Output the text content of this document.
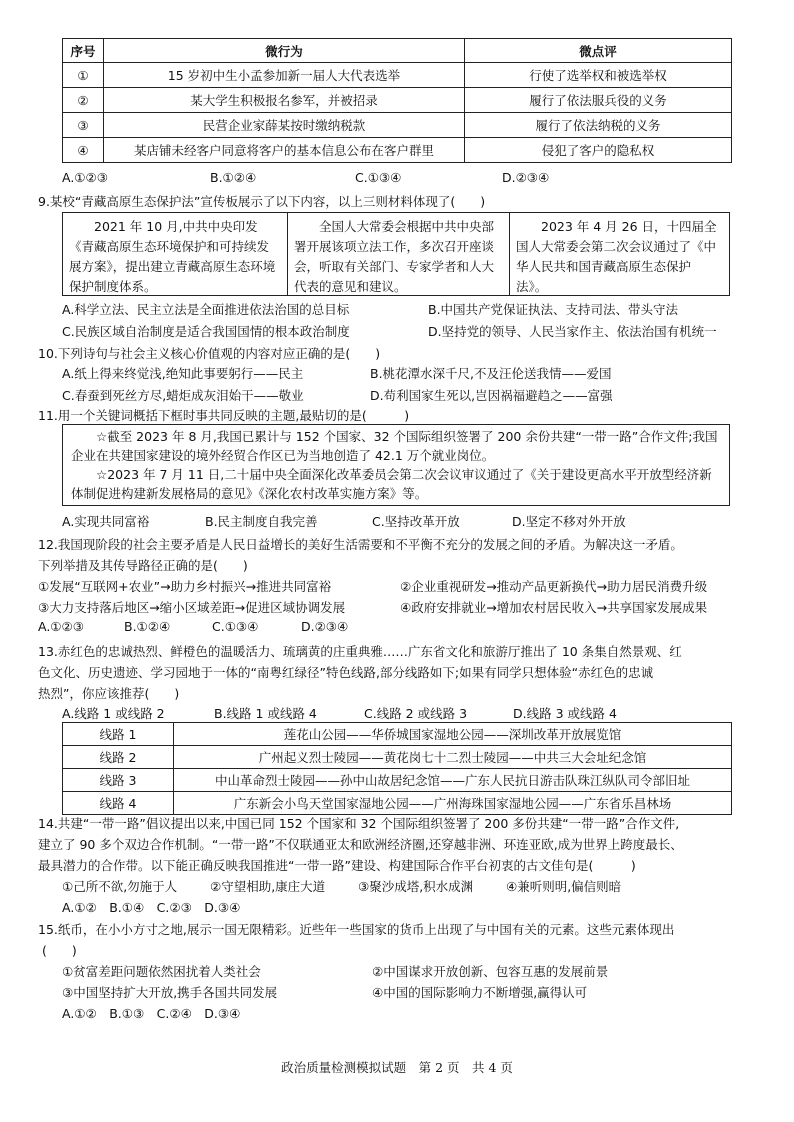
序号	微行为	微点评
①	15 岁初中生小孟参加新一届人大代表选举	行使了选举权和被选举权
②	某大学生积极报名参军，并被招录	履行了依法服兵役的义务
③	民营企业家薛某按时缴纳税款	履行了依法纳税的义务
④	某店铺未经客户同意将客户的基本信息公布在客户群里	侵犯了客户的隐私权
A.①②③	B.①②④	C.①③④	D.②③④
9.某校“青藏高原生态保护法”宣传板展示了以下内容，以上三则材料体现了(　　)
2021 年 10 月,中共中央印发《青藏高原生态环境保护和可持续发展方案》，提出建立青藏高原生态环境保护制度体系。
全国人大常委会根据中共中央部署开展该项立法工作，多次召开座谈会，听取有关部门、专家学者和人大代表的意见和建议。
2023 年 4 月 26 日，十四届全国人大常委会第二次会议通过了《中华人民共和国青藏高原生态保护法》。
A.科学立法、民主立法是全面推进依法治国的总目标	B.中国共产党保证执法、支持司法、带头守法
C.民族区域自治制度是适合我国国情的根本政治制度	D.坚持党的领导、人民当家作主、依法治国有机统一
10.下列诗句与社会主义核心价值观的内容对应正确的是(　　)
A.纸上得来终觉浅,绝知此事要躬行——民主	B.桃花潭水深千尺,不及汪伦送我情——爱国
C.春蚕到死丝方尽,蜡炬成灰泪始干——敬业	D.苟利国家生死以,岂因祸福避趋之——富强
11.用一个关键词概括下框时事共同反映的主题,最贴切的是(　　　)
☆截至 2023 年 8 月,我国已累计与 152 个国家、32 个国际组织签署了 200 余份共建“一带一路”合作文件;我国企业在共建国家建设的境外经贸合作区已为当地创造了 42.1 万个就业岗位。
☆2023 年 7 月 11 日,二十届中央全面深化改革委员会第二次会议审议通过了《关于建设更高水平开放型经济新体制促进构建新发展格局的意见》《深化农村改革实施方案》等。
A.实现共同富裕	B.民主制度自我完善	C.坚持改革开放	D.坚定不移对外开放
12.我国现阶段的社会主要矛盾是人民日益增长的美好生活需要和不平衡不充分的发展之间的矛盾。为解决这一矛盾。
下列举措及其传导路径正确的是(　　)
①发展“互联网+农业”→助力乡村振兴→推进共同富裕	②企业重视研发→推动产品更新换代→助力居民消费升级
③大力支持落后地区→缩小区域差距→促进区域协调发展	④政府安排就业→增加农村居民收入→共享国家发展成果
A.①②③	B.①②④	C.①③④	D.②③④
13.赤红色的忠诚热烈、鲜橙色的温暖活力、琉璃黄的庄重典雅……广东省文化和旅游厅推出了 10 条集自然景观、红
色文化、历史遗迹、学习园地于一体的“南粤红绿径”特色线路,部分线路如下;如果有同学只想体验“赤红色的忠诚
热烈”，你应该推荐(　　)
A.线路 1 或线路 2	B.线路 1 或线路 4	C.线路 2 或线路 3	D.线路 3 或线路 4
线路 1	莲花山公园——华侨城国家湿地公园——深圳改革开放展览馆
线路 2	广州起义烈士陵园——黄花岗七十二烈士陵园——中共三大会址纪念馆
线路 3	中山革命烈士陵园——孙中山故居纪念馆——广东人民抗日游击队珠江纵队司令部旧址
线路 4	广东新会小鸟天堂国家湿地公园——广州海珠国家湿地公园——广东省乐昌林场
14.共建“一带一路”倡议提出以来,中国已同 152 个国家和 32 个国际组织签署了 200 多份共建“一带一路”合作文件,
建立了 90 多个双边合作机制。“一带一路”不仅联通亚太和欧洲经济圈,还穿越非洲、环连亚欧,成为世界上跨度最长、
最具潜力的合作带。以下能正确反映我国推进“一带一路”建设、构建国际合作平台初衷的古文佳句是(　　　)
①己所不欲,勿施于人	②守望相助,康庄大道	③聚沙成塔,积水成渊	④兼听则明,偏信则暗
A.①②　B.①④　C.②③　D.③④
15.纸币，在小小方寸之地,展示一国无限精彩。近些年一些国家的货币上出现了与中国有关的元素。这些元素体现出
(　　)
①贫富差距问题依然困扰着人类社会	②中国谋求开放创新、包容互惠的发展前景
③中国坚持扩大开放,携手各国共同发展	④中国的国际影响力不断增强,赢得认可
A.①②　B.①③　C.②④　D.③④
政治质量检测模拟试题　第 2 页　共 4 页
